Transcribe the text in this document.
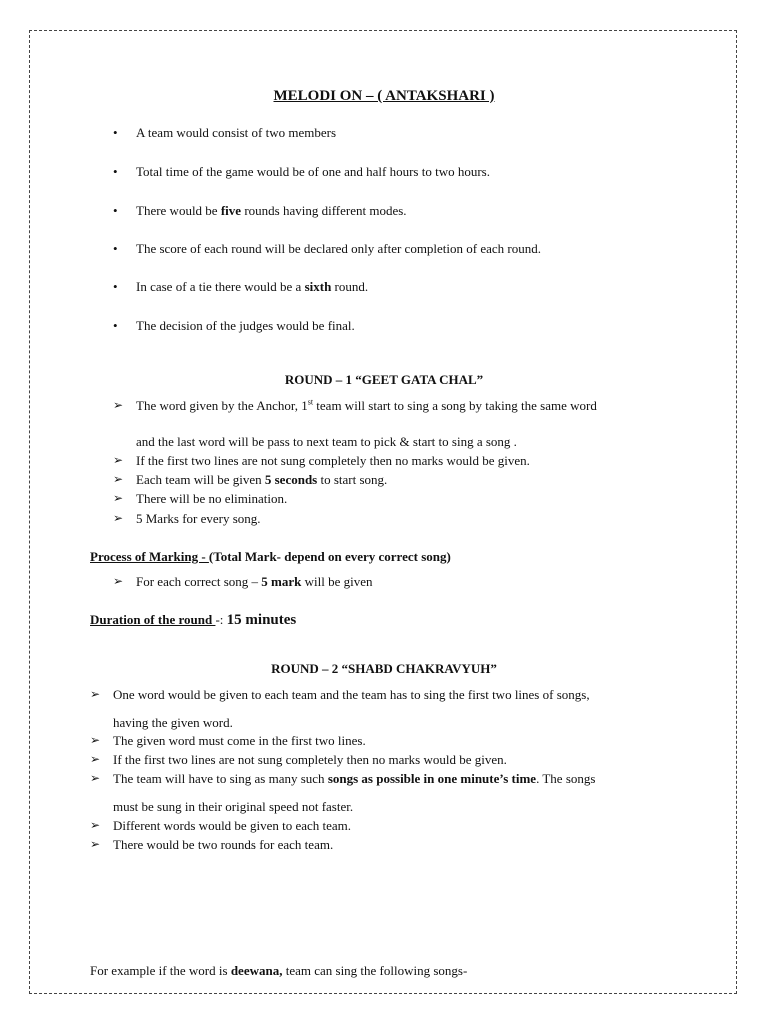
MELODI ON – ( ANTAKSHARI )
• A team would consist of two members
• Total time of the game would be of one and half hours to two hours.
• There would be five rounds having different modes.
• The score of each round will be declared only after completion of each round.
• In case of a tie there would be a sixth round.
• The decision of the judges would be final.
ROUND – 1 “GEET GATA CHAL”
➢ The word given by the Anchor, 1st team will start to sing a song by taking the same word
and the last word will be pass to next team to pick & start to sing a song .
➢ If the first two lines are not sung completely then no marks would be given.
➢ Each team will be given 5 seconds to start song.
➢ There will be no elimination.
➢ 5 Marks for every song.
Process of Marking - (Total Mark- depend on every correct song)
➢ For each correct song – 5 mark will be given
Duration of the round -: 15 minutes
ROUND – 2 “SHABD CHAKRAVYUH”
➢ One word would be given to each team and the team has to sing the first two lines of songs,
having the given word.
➢ The given word must come in the first two lines.
➢ If the first two lines are not sung completely then no marks would be given.
➢ The team will have to sing as many such songs as possible in one minute’s time. The songs
must be sung in their original speed not faster.
➢ Different words would be given to each team.
➢ There would be two rounds for each team.
For example if the word is deewana, team can sing the following songs-
